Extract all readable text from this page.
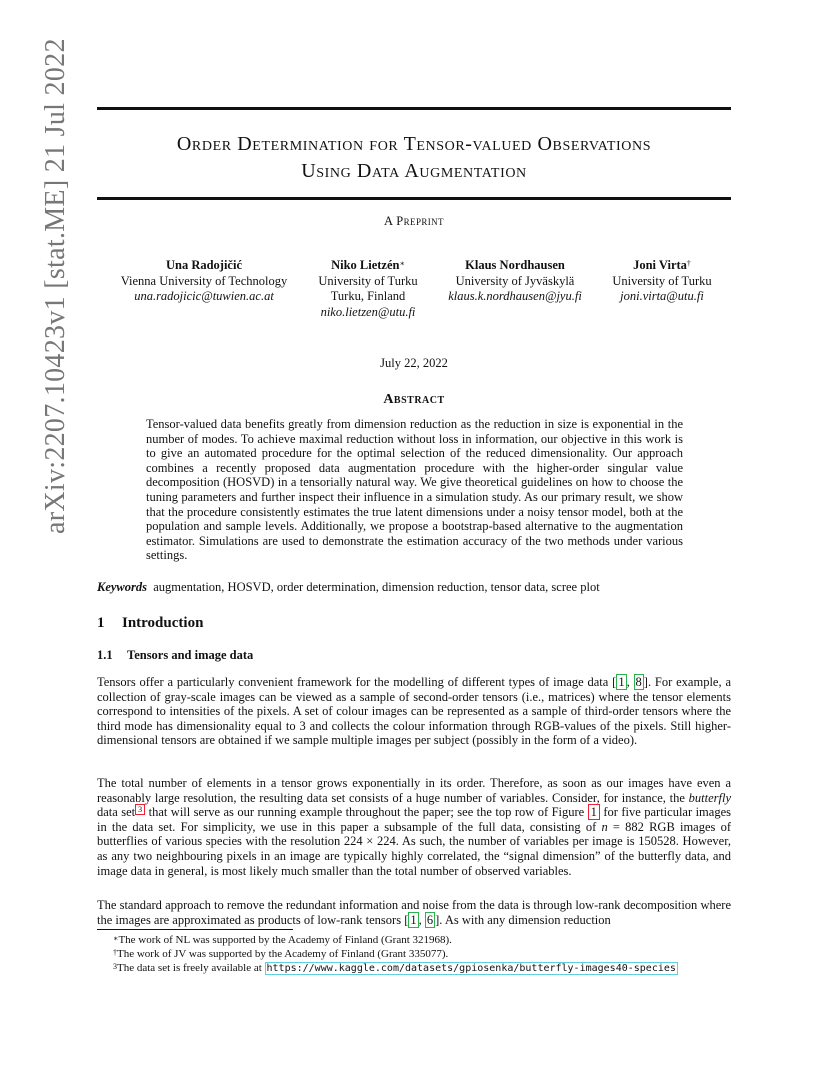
arXiv:2207.10423v1 [stat.ME] 21 Jul 2022	Order Determination for Tensor-valued Observations
Using Data Augmentation
A Preprint
Una Radojičić
Vienna University of Technology
una.radojicic@tuwien.ac.at
Niko Lietzén∗
University of Turku
Turku, Finland
niko.lietzen@utu.fi
Klaus Nordhausen
University of Jyväskylä
klaus.k.nordhausen@jyu.fi
Joni Virta†
University of Turku
joni.virta@utu.fi
July 22, 2022
Abstract
Tensor-valued data benefits greatly from dimension reduction as the reduction in size is exponential in the number of modes. To achieve maximal reduction without loss in information, our objective in this work is to give an automated procedure for the optimal selection of the reduced dimensionality. Our approach combines a recently proposed data augmentation procedure with the higher-order singular value decomposition (HOSVD) in a tensorially natural way. We give theoretical guidelines on how to choose the tuning parameters and further inspect their influence in a simulation study. As our primary result, we show that the procedure consistently estimates the true latent dimensions under a noisy tensor model, both at the population and sample levels. Additionally, we propose a bootstrap-based alternative to the augmentation estimator. Simulations are used to demonstrate the estimation accuracy of the two methods under various settings.
Keywords augmentation, HOSVD, order determination, dimension reduction, tensor data, scree plot
1 Introduction
1.1 Tensors and image data
Tensors offer a particularly convenient framework for the modelling of different types of image data [ 1 , 8 ]. For example, a collection of gray-scale images can be viewed as a sample of second-order tensors (i.e., matrices) where the tensor elements correspond to intensities of the pixels. A set of colour images can be represented as a sample of third-order tensors where the third mode has dimensionality equal to 3 and collects the colour information through RGB-values of the pixels. Still higher-dimensional tensors are obtained if we sample multiple images per subject (possibly in the form of a video).
The total number of elements in a tensor grows exponentially in its order. Therefore, as soon as our images have even a reasonably large resolution, the resulting data set consists of a huge number of variables. Consider, for instance, the butterfly data set $^3$ that will serve as our running example throughout the paper; see the top row of Figure 1 for five particular images in the data set. For simplicity, we use in this paper a subsample of the full data, consisting of n = 882 RGB images of butterflies of various species with the resolution 224 × 224. As such, the number of variables per image is 150528. However, as any two neighbouring pixels in an image are typically highly correlated, the “signal dimension” of the butterfly data, and image data in general, is most likely much smaller than the total number of observed variables.
The standard approach to remove the redundant information and noise from the data is through low-rank decomposition where the images are approximated as products of low-rank tensors [ 1 , 6 ]. As with any dimension reduction
∗The work of NL was supported by the Academy of Finland (Grant 321968).
†The work of JV was supported by the Academy of Finland (Grant 335077).
$^3$The data set is freely available at https://www.kaggle.com/datasets/gpiosenka/butterfly-images40-species
